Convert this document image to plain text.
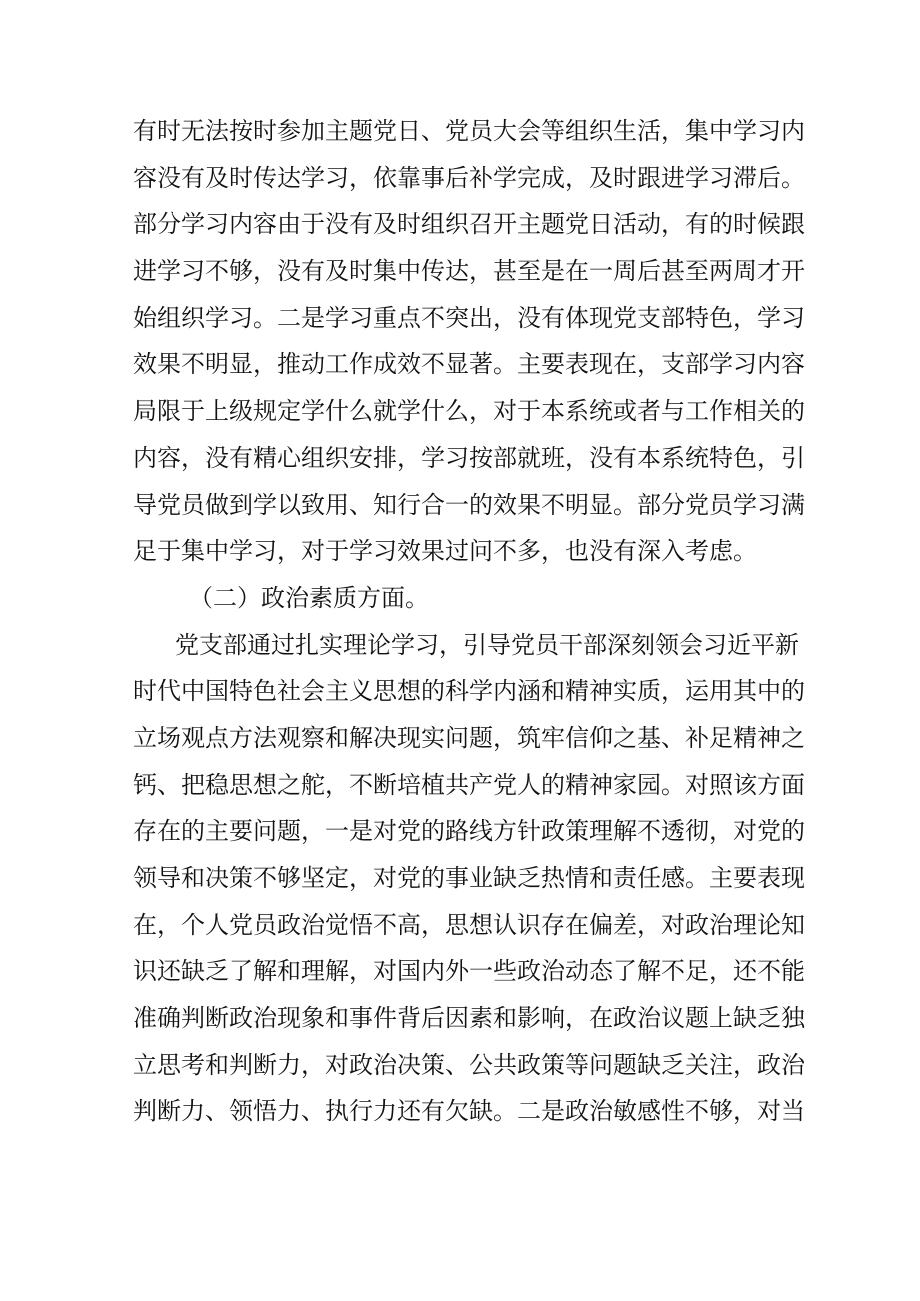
有时无法按时参加主题党日、党员大会等组织生活，集中学习内
容没有及时传达学习，依靠事后补学完成，及时跟进学习滞后。
部分学习内容由于没有及时组织召开主题党日活动，有的时候跟
进学习不够，没有及时集中传达，甚至是在一周后甚至两周才开
始组织学习。二是学习重点不突出，没有体现党支部特色，学习
效果不明显，推动工作成效不显著。主要表现在，支部学习内容
局限于上级规定学什么就学什么，对于本系统或者与工作相关的
内容，没有精心组织安排，学习按部就班，没有本系统特色，引
导党员做到学以致用、知行合一的效果不明显。部分党员学习满
足于集中学习，对于学习效果过问不多，也没有深入考虑。
（二）政治素质方面。
党支部通过扎实理论学习，引导党员干部深刻领会习近平新
时代中国特色社会主义思想的科学内涵和精神实质，运用其中的
立场观点方法观察和解决现实问题，筑牢信仰之基、补足精神之
钙、把稳思想之舵，不断培植共产党人的精神家园。对照该方面
存在的主要问题，一是对党的路线方针政策理解不透彻，对党的
领导和决策不够坚定，对党的事业缺乏热情和责任感。主要表现
在，个人党员政治觉悟不高，思想认识存在偏差，对政治理论知
识还缺乏了解和理解，对国内外一些政治动态了解不足，还不能
准确判断政治现象和事件背后因素和影响，在政治议题上缺乏独
立思考和判断力，对政治决策、公共政策等问题缺乏关注，政治
判断力、领悟力、执行力还有欠缺。二是政治敏感性不够，对当
